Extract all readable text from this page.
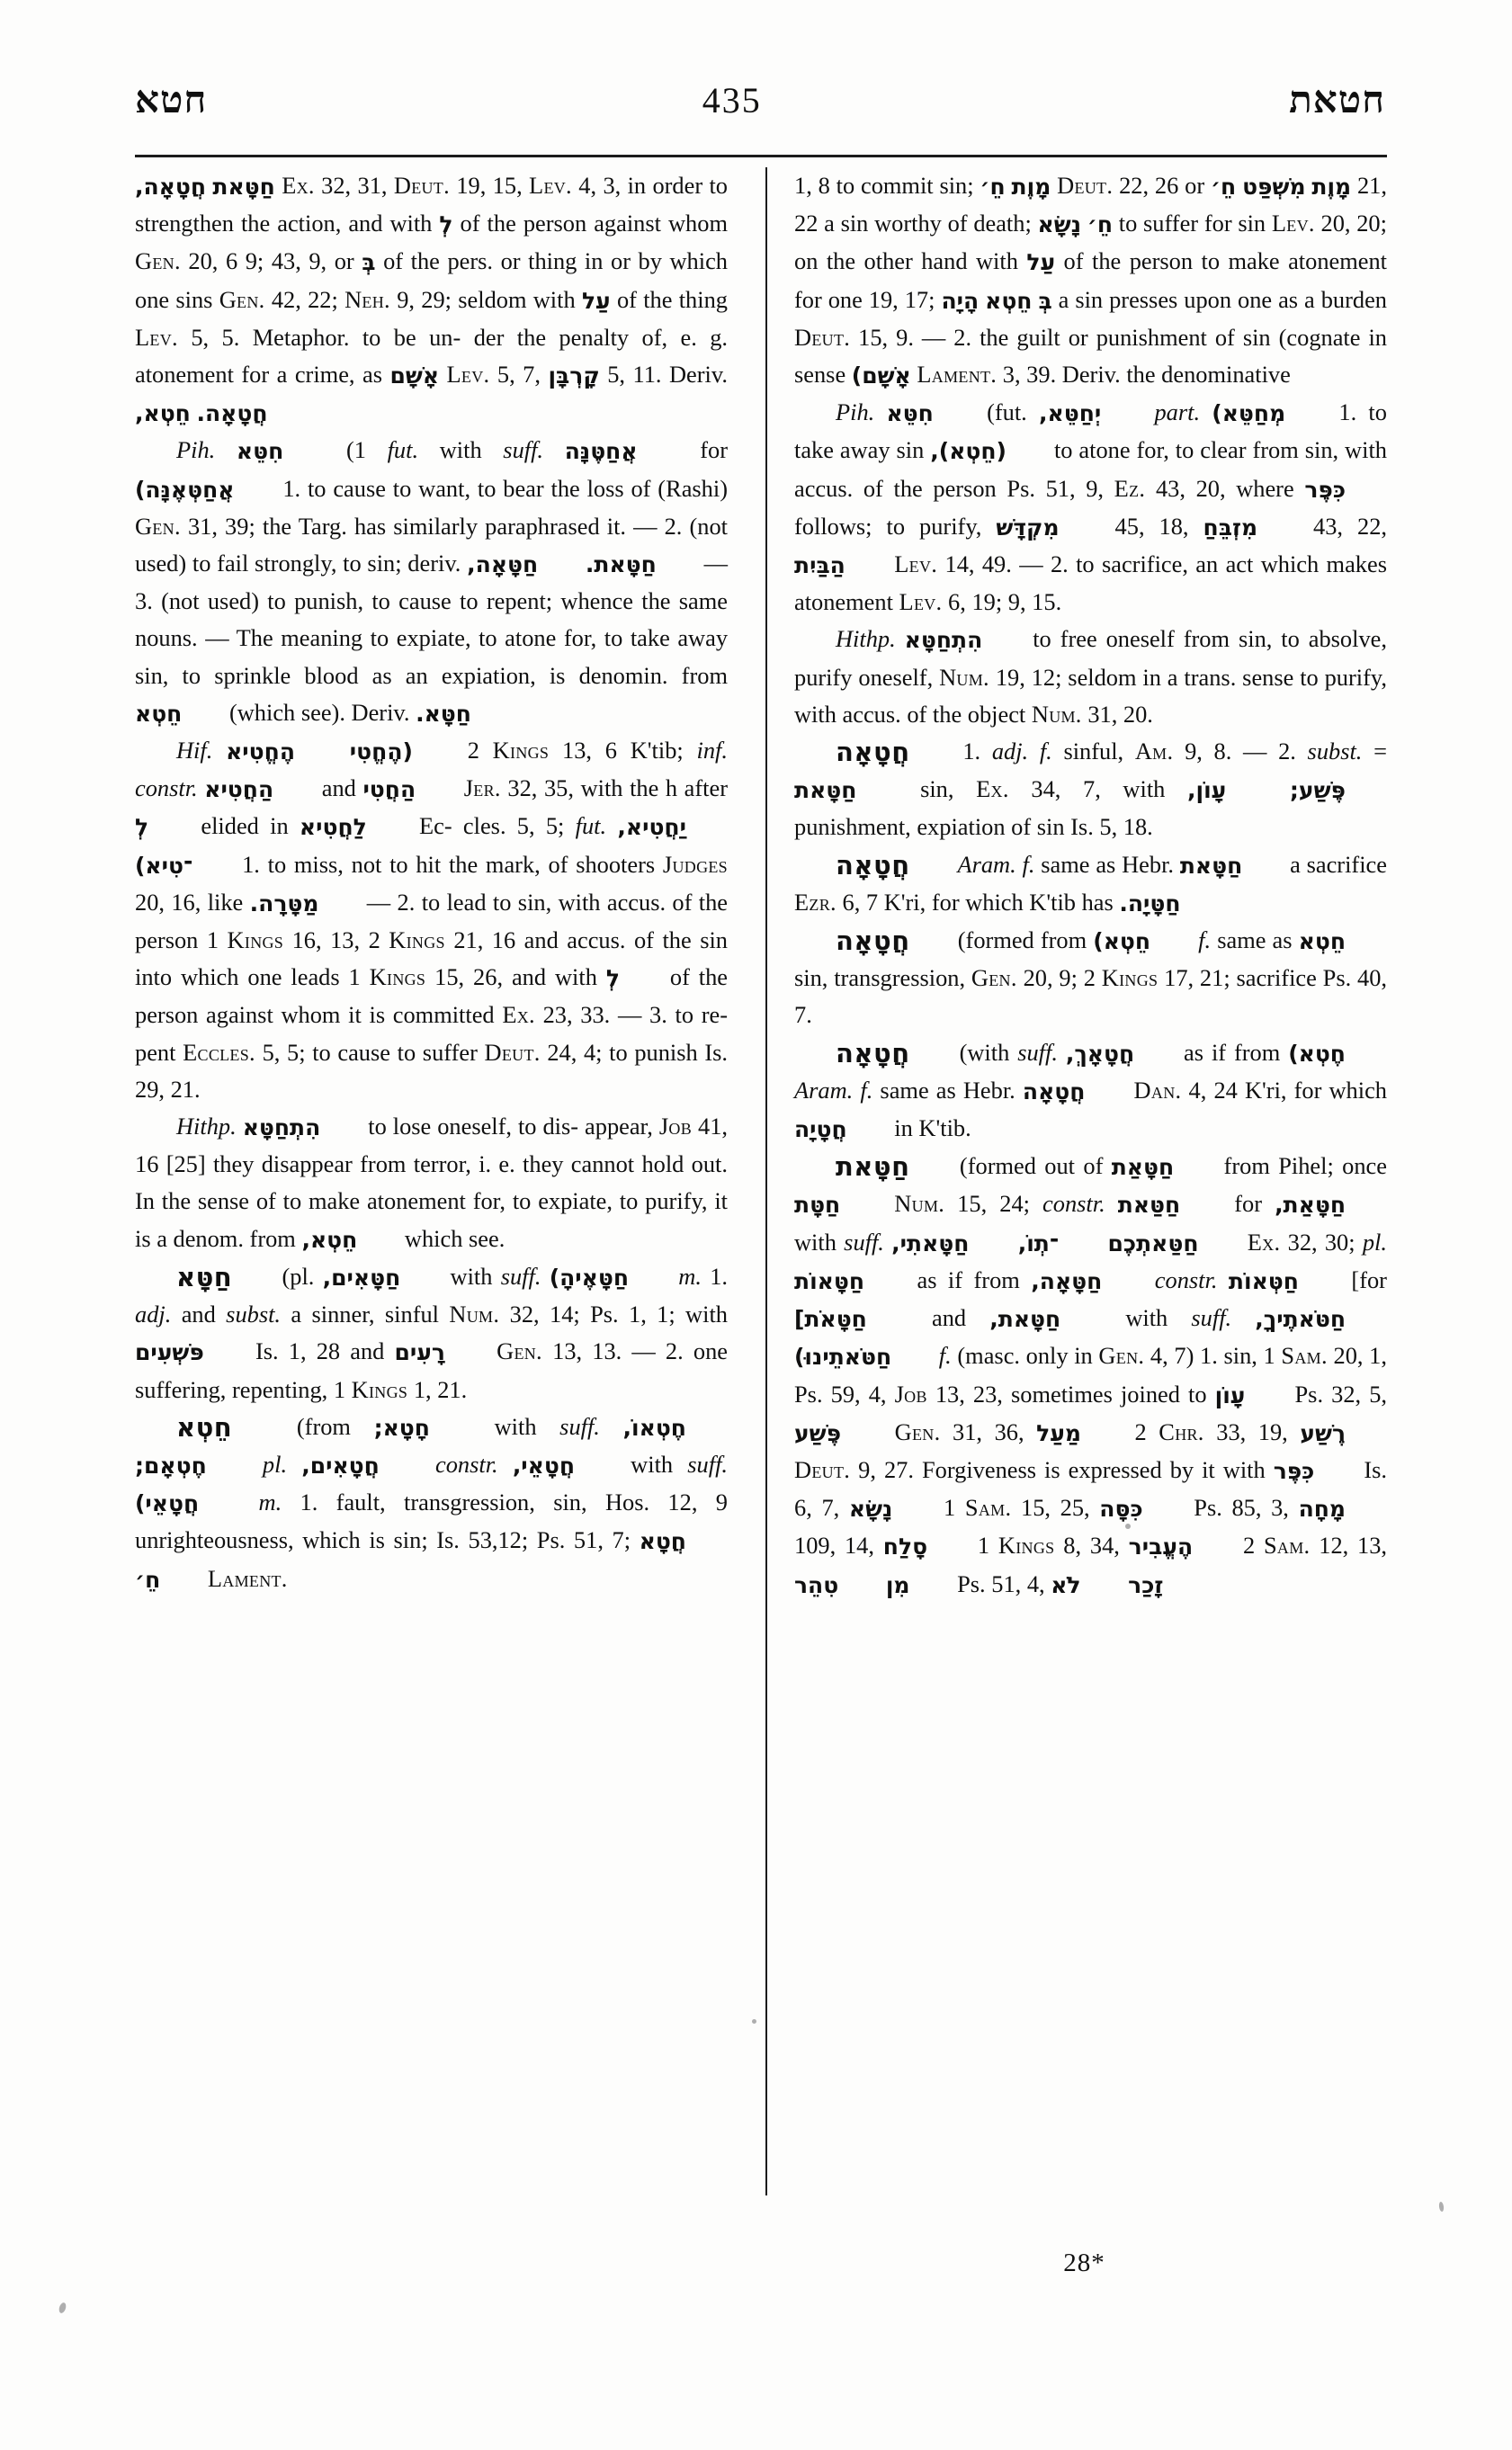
חטא	435	חטאת

חֲטָאָה, חַטָּאת Ex. 32, 31, Deut. 19, 15, Lev. 4, 3, in order to strengthen the action, and with לְ of the person against whom Gen. 20, 6 9; 43, 9, or בְּ of the pers. or thing in or by which one sins Gen. 42, 22; Neh. 9, 29; seldom with עַל of the thing Lev. 5, 5. Metaphor. to be un- der the penalty of, e. g. atonement for a crime, as אָשָׁם Lev. 5, 7, קָרְבָּן 5, 11. Deriv. חֵטְא, חֲטָאָה.

Pih. חִטֵּא (1 fut. with suff. אֲחַטֶּנָּה for אֲחַטְּאֶנָּה) 1. to cause to want, to bear the loss of (Rashi) Gen. 31, 39; the Targ. has similarly paraphrased it. — 2. (not used) to fail strongly, to sin; deriv. חַטָּאָה, חַטָּאת. — 3. (not used) to punish, to cause to repent; whence the same nouns. — The meaning to expiate, to atone for, to take away sin, to sprinkle blood as an expiation, is denomin. from חֵטְא (which see). Deriv. חַטָּא.

Hif. הֶחֱטִיא (הֶחֱטִי 2 Kings 13, 6 K'tib; inf. constr. הַחֲטִיא and הַחֲטִי Jer. 32, 35, with the h after לְ elided in לַחֲטִיא Ec- cles. 5, 5; fut. יַחֲטִיא, ־טִיא) 1. to miss, not to hit the mark, of shooters Judges 20, 16, like מַטָּרָה. — 2. to lead to sin, with accus. of the person 1 Kings 16, 13, 2 Kings 21, 16 and accus. of the sin into which one leads 1 Kings 15, 26, and with לְ of the person against whom it is committed Ex. 23, 33. — 3. to re- pent Eccles. 5, 5; to cause to suffer Deut. 24, 4; to punish Is. 29, 21.

Hithp. הִתְחַטָּא to lose oneself, to dis- appear, Job 41, 16 [25] they disappear from terror, i. e. they cannot hold out. In the sense of to make atonement for, to expiate, to purify, it is a denom. from חֵטְא, which see.

חַטָּא (pl. חַטָּאִים, with suff. חַטָּאֶיהָ) m. 1. adj. and subst. a sinner, sinful Num. 32, 14; Ps. 1, 1; with פּשְׁעִים Is. 1, 28 and רָעִים Gen. 13, 13. — 2. one suffering, repenting, 1 Kings 1, 21.

חֵטְא (from חָטָא; with suff. חֶטְאוֹ, חֶטְאָם; pl. חֲטָאִים, constr. חֲטָאֵי, with suff. חֲטָאֵי)	m. 1. fault, transgression, sin, Hos. 12, 9 unrighteousness, which is sin; Is. 53,12; Ps. 51, 7; חֲטָא חֵ׳ Lament.

1, 8 to commit sin; חֵ׳ מָוֶת Deut. 22, 26 or חֵ׳ מִשְׁפַּט מָוֶת 21, 22 a sin worthy of death; נָשָׂא חֵ׳ to suffer for sin Lev. 20, 20; on the other hand with עַל of the person to make atonement for one 19, 17; הָיָה חֵטְא בְּ a sin presses upon one as a burden Deut. 15, 9. — 2. the guilt or punishment of sin (cognate in sense אָשָׁם) Lament. 3, 39. Deriv. the denominative

Pih. חִטֵּא (fut. יְחַטֵּא, part. מְחַטֵּא) 1. to take away sin (חֵטְא), to atone for, to clear from sin, with accus. of the person Ps. 51, 9, Ez. 43, 20, where כִּפֶּר follows; to purify, מִקְדָּשׁ 45, 18, מִזְבֵּחַ 43, 22, הַבַּיִת Lev. 14, 49. — 2. to sacrifice, an act which makes atonement Lev. 6, 19; 9, 15.

Hithp. הִתְחַטָּא to free oneself from sin, to absolve, purify oneself, Num. 19, 12; seldom in a trans. sense to purify, with accus. of the object Num. 31, 20.

חֲטָאָה 1. adj. f. sinful, Am. 9, 8. — 2. subst. = חַטָּאת sin, Ex. 34, 7, with עָוֹן,	פֶּשַׁע; punishment, expiation of sin Is. 5, 18.

חֲטָאָה Aram. f. same as Hebr. חַטָּאת a sacrifice Ezr. 6, 7 K'ri, for which K'tib has חַטָּיָה.

חֲטָאָה (formed from חֵטְא) f. same as חֵטְא sin, transgression, Gen. 20, 9; 2 Kings 17, 21; sacrifice Ps. 40, 7.

חֲטָאָה (with suff. חֲטָאָךְ, as if from חֶטְא) Aram. f. same as Hebr. חֲטָאָה Dan. 4, 24 K'ri, for which חֲטָיָה in K'tib.

חַטָּאת (formed out of חַטָּאַת from Pihel; once חַטָּת Num. 15, 24; constr. חַטַּאת for חַטָּאַת, with suff. חַטָּאתִי, ־תְוֹ, חַטַּאתְכֶם Ex. 32, 30; pl. חַטָּאוֹת as if from חַטָּאָה, constr. חַטְּאוֹת [for חַטָּאֹת] and חַטָּאת, with suff. חַטֹּאתֶיךָ, חַטֹּאתֵינוּ) f. (masc. only in Gen. 4, 7) 1. sin, 1 Sam. 20, 1, Ps. 59, 4, Job 13, 23, sometimes joined to עָוֹן Ps. 32, 5, פֶּשַׁע Gen. 31, 36, מַעַל 2 Chr. 33, 19, רֶשַׁע Deut. 9, 27. Forgiveness is expressed by it with כִּפֶּר Is. 6, 7, נָשָׂא 1 Sam. 15, 25, כִּסָּה Ps. 85, 3, מָחָה 109, 14, סָלַח 1 Kings 8, 34, הֶעֱבִיר 2 Sam. 12, 13, טִהֵר מִן Ps. 51, 4, לֹא זָכַר

28*
